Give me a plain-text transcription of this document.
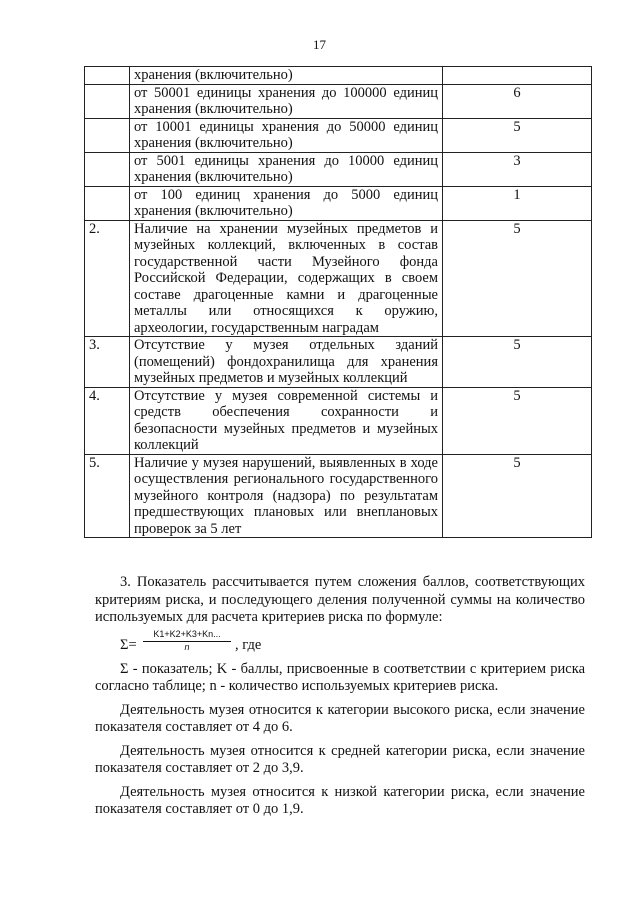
17
	хранения (включительно)	
	от 50001 единицы хранения до 100000 единиц хранения (включительно)	6
	от 10001 единицы хранения до 50000 единиц хранения (включительно)	5
	от 5001 единицы хранения до 10000 единиц хранения (включительно)	3
	от 100 единиц хранения до 5000 единиц хранения (включительно)	1
2.	Наличие на хранении музейных предметов и музейных коллекций, включенных в состав государственной части Музейного фонда Российской Федерации, содержащих в своем составе драгоценные камни и драгоценные металлы или относящихся к оружию, археологии, государственным наградам	5
3.	Отсутствие у музея отдельных зданий (помещений) фондохранилища для хранения музейных предметов и музейных коллекций	5
4.	Отсутствие у музея современной системы и средств обеспечения сохранности и безопасности музейных предметов и музейных коллекций	5
5.	Наличие у музея нарушений, выявленных в ходе осуществления регионального государственного музейного контроля (надзора) по результатам предшествующих плановых или внеплановых проверок за 5 лет	5

3. Показатель рассчитывается путем сложения баллов, соответствующих критериям риска, и последующего деления полученной суммы на количество используемых для расчета критериев риска по формуле:

$\Sigma= \frac{K1+K2+K3+Kn...}{n}$ , где

Σ - показатель; K - баллы, присвоенные в соответствии с критерием риска согласно таблице; n - количество используемых критериев риска.

Деятельность музея относится к категории высокого риска, если значение показателя составляет от 4 до 6.

Деятельность музея относится к средней категории риска, если значение показателя составляет от 2 до 3,9.

Деятельность музея относится к низкой категории риска, если значение показателя составляет от 0 до 1,9.
